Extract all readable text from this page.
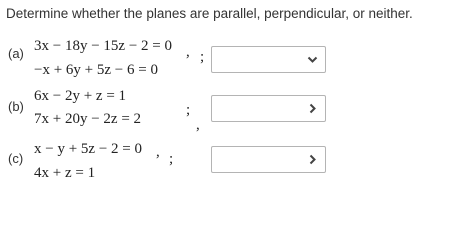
Determine whether the planes are parallel, perpendicular, or neither.
(a) 3x − 18y − 15z − 2 = 0 ,
−x + 6y + 5z − 6 = 0
;
(b)
6x − 2y + z = 1
,
7x + 20y − 2z = 2
;
(c)
x − y + 5z − 2 = 0 ,
4x + z = 1
;
